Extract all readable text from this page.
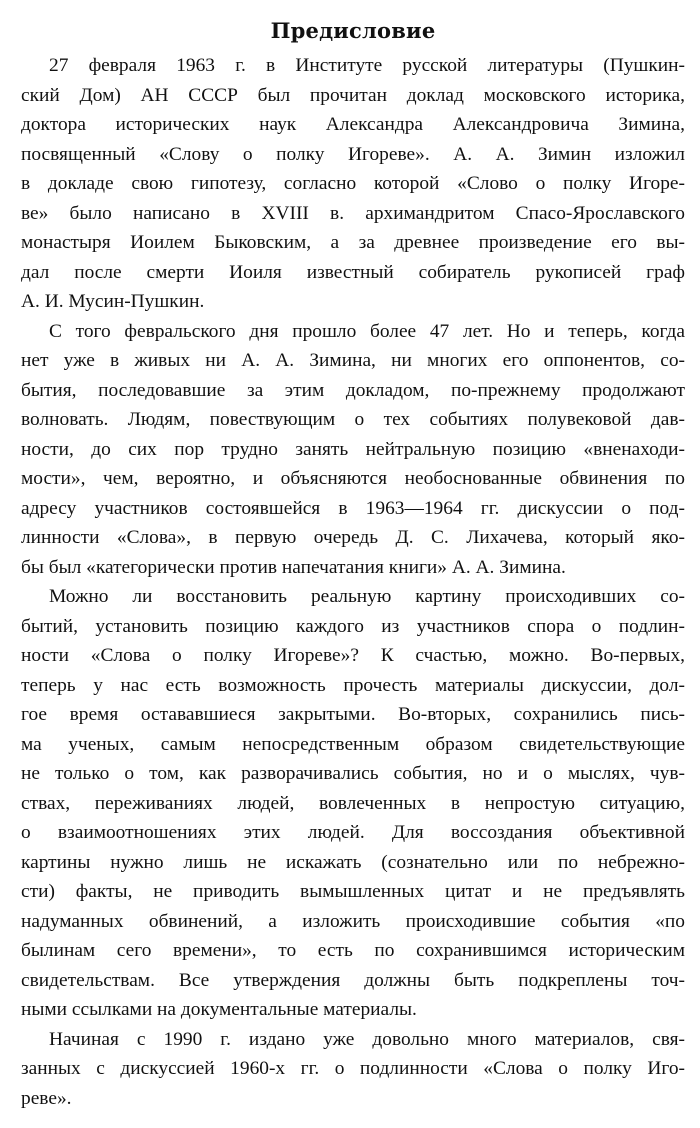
Предисловие
27 февраля 1963 г. в Институте русской литературы (Пушкин-
ский Дом) АН СССР был прочитан доклад московского историка,
доктора исторических наук Александра Александровича Зимина,
посвященный «Слову о полку Игореве». А. А. Зимин изложил
в докладе свою гипотезу, согласно которой «Слово о полку Игоре-
ве» было написано в XVIII в. архимандритом Спасо-Ярославского
монастыря Иоилем Быковским, а за древнее произведение его вы-
дал после смерти Иоиля известный собиратель рукописей граф
А. И. Мусин-Пушкин.
С того февральского дня прошло более 47 лет. Но и теперь, когда
нет уже в живых ни А. А. Зимина, ни многих его оппонентов, со-
бытия, последовавшие за этим докладом, по-прежнему продолжают
волновать. Людям, повествующим о тех событиях полувековой дав-
ности, до сих пор трудно занять нейтральную позицию «вненаходи-
мости», чем, вероятно, и объясняются необоснованные обвинения по
адресу участников состоявшейся в 1963—1964 гг. дискуссии о под-
линности «Слова», в первую очередь Д. С. Лихачева, который яко-
бы был «категорически против напечатания книги» А. А. Зимина.
Можно ли восстановить реальную картину происходивших со-
бытий, установить позицию каждого из участников спора о подлин-
ности «Слова о полку Игореве»? К счастью, можно. Во-первых,
теперь у нас есть возможность прочесть материалы дискуссии, дол-
гое время остававшиеся закрытыми. Во-вторых, сохранились пись-
ма ученых, самым непосредственным образом свидетельствующие
не только о том, как разворачивались события, но и о мыслях, чув-
ствах, переживаниях людей, вовлеченных в непростую ситуацию,
о взаимоотношениях этих людей. Для воссоздания объективной
картины нужно лишь не искажать (сознательно или по небрежно-
сти) факты, не приводить вымышленных цитат и не предъявлять
надуманных обвинений, а изложить происходившие события «по
былинам сего времени», то есть по сохранившимся историческим
свидетельствам. Все утверждения должны быть подкреплены точ-
ными ссылками на документальные материалы.
Начиная с 1990 г. издано уже довольно много материалов, свя-
занных с дискуссией 1960-х гг. о подлинности «Слова о полку Иго-
реве».
